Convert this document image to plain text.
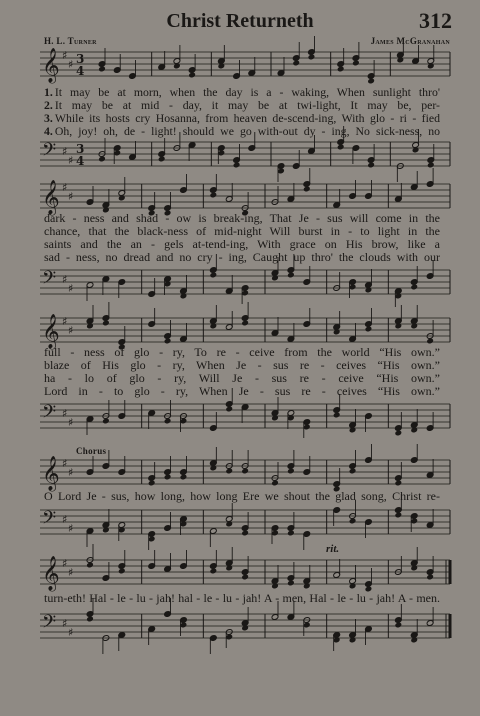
Christ Returneth	312
H. L. Turner	James McGranahan
𝄞 ♯
♯ 3
4
1. It may be at morn, when the day is a - waking, When sunlight thro'
2. It may be at mid - day, it may be at twi-light, It may be, per-
3. While its hosts cry Hosanna, from heaven de-scend-ing, With glo - ri - fied
4. Oh, joy! oh, de - light! should we go with-out dy - ing, No sick-ness, no
𝄢 ♯
♯
3
4
𝄞 ♯
♯
dark - ness and shad - ow is break-ing, That Je - sus will come in the
chance, that the black-ness of mid-night Will burst in - to light in the
saints and the an - gels at-tend-ing, With grace on His brow, like a
sad - ness, no dread and no cry - ing, Caught up thro' the clouds with our
𝄢 ♯
♯
𝄞 ♯
♯
full - ness of glo - ry, To re - ceive from the world “His own.”
blaze of His glo - ry, When Je - sus re - ceives “His own.”
ha - lo of glo - ry, Will Je - sus re - ceive “His own.”
Lord in - to glo - ry, When Je - sus re - ceives “His own.”
𝄢 ♯
♯
Chorus
𝄞 ♯
♯
O Lord Je - sus, how long, how long Ere we shout the glad song, Christ re-
𝄢 ♯
♯
rit.
𝄞 ♯
♯
turn-eth! Hal - le - lu - jah! hal - le - lu - jah! A - men, Hal - le - lu - jah! A - men.
𝄢 ♯
♯
